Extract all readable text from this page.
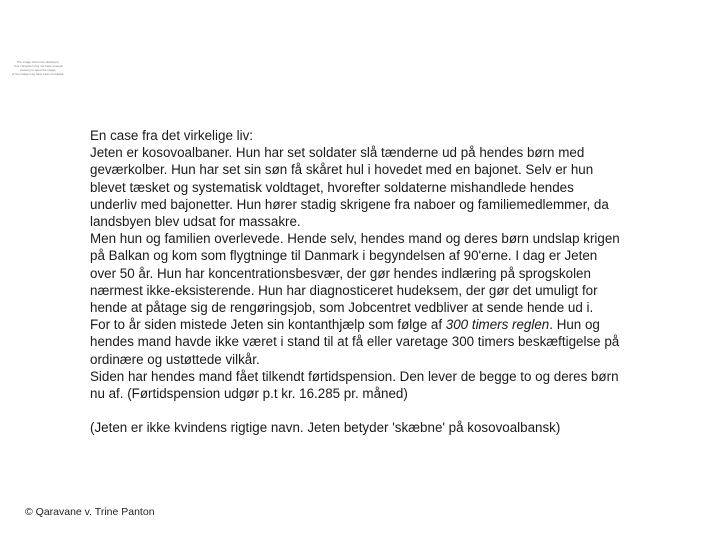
The image cannot be displayed.
Your computer may not have enough memory to open the image,
or the image may have been corrupted.

En case fra det virkelige liv:

Jeten er kosovoalbaner. Hun har set soldater slå tænderne ud på hendes børn med geværkolber. Hun har set sin søn få skåret hul i hovedet med en bajonet. Selv er hun blevet tæsket og systematisk voldtaget, hvorefter soldaterne mishandlede hendes underliv med bajonetter. Hun hører stadig skrigene fra naboer og familiemedlemmer, da landsbyen blev udsat for massakre.

Men hun og familien overlevede. Hende selv, hendes mand og deres børn undslap krigen på Balkan og kom som flygtninge til Danmark i begyndelsen af 90'erne. I dag er Jeten over 50 år. Hun har koncentrationsbesvær, der gør hendes indlæring på sprogskolen nærmest ikke-eksisterende. Hun har diagnosticeret hudeksem, der gør det umuligt for hende at påtage sig de rengøringsjob, som Jobcentret vedbliver at sende hende ud i.

For to år siden mistede Jeten sin kontanthjælp som følge af 300 timers reglen. Hun og hendes mand havde ikke været i stand til at få eller varetage 300 timers beskæftigelse på ordinære og ustøttede vilkår.

Siden har hendes mand fået tilkendt førtidspension. Den lever de begge to og deres børn nu af. (Førtidspension udgør p.t kr. 16.285 pr. måned)

(Jeten er ikke kvindens rigtige navn. Jeten betyder 'skæbne' på kosovoalbansk)

© Qaravane v. Trine Panton
